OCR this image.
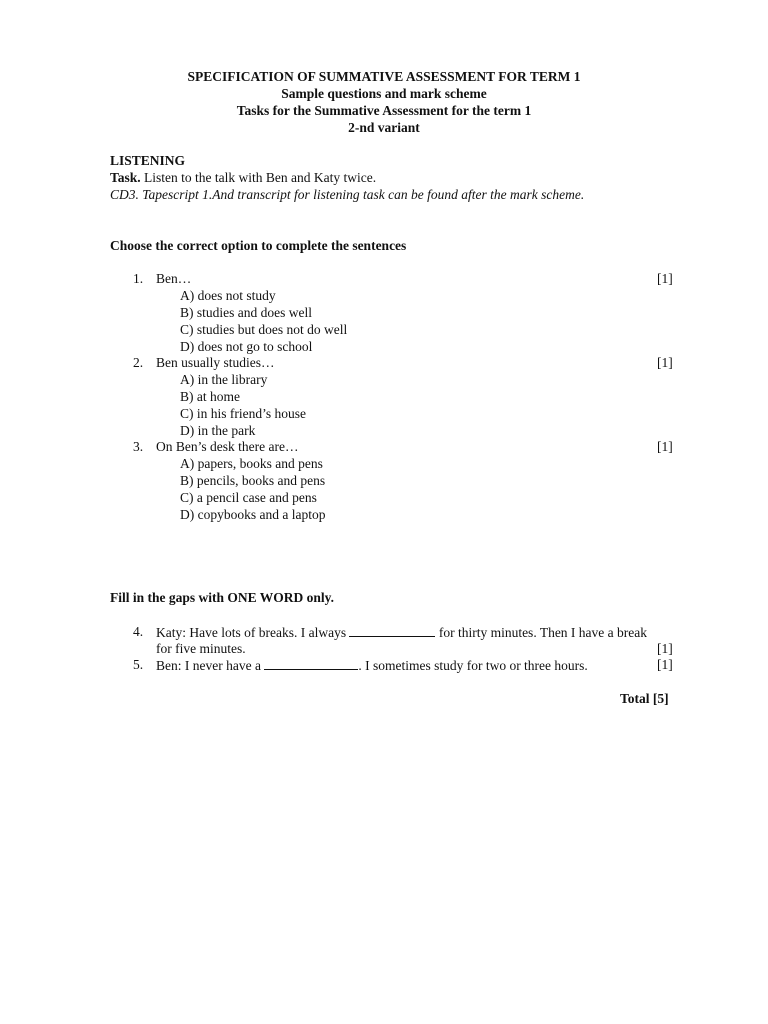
SPECIFICATION OF SUMMATIVE ASSESSMENT FOR TERM 1
Sample questions and mark scheme
Tasks for the Summative Assessment for the term 1
2-nd variant
LISTENING
Task. Listen to the talk with Ben and Katy twice.
CD3. Tapescript 1.And transcript for listening task can be found after the mark scheme.
Choose the correct option to complete the sentences
1. Ben…	[1]
A) does not study
B) studies and does well
C) studies but does not do well
D) does not go to school
2. Ben usually studies…	[1]
A) in the library
B) at home
C) in his friend’s house
D) in the park
3. On Ben’s desk there are…	[1]
A) papers, books and pens
B) pencils, books and pens
C) a pencil case and pens
D) copybooks and a laptop
Fill in the gaps with ONE WORD only.
4. Katy: Have lots of breaks. I always	for thirty minutes. Then I have a break
for five minutes.	[1]
5. Ben: I never have a	. I sometimes study for two or three hours.	[1]
Total [5]
